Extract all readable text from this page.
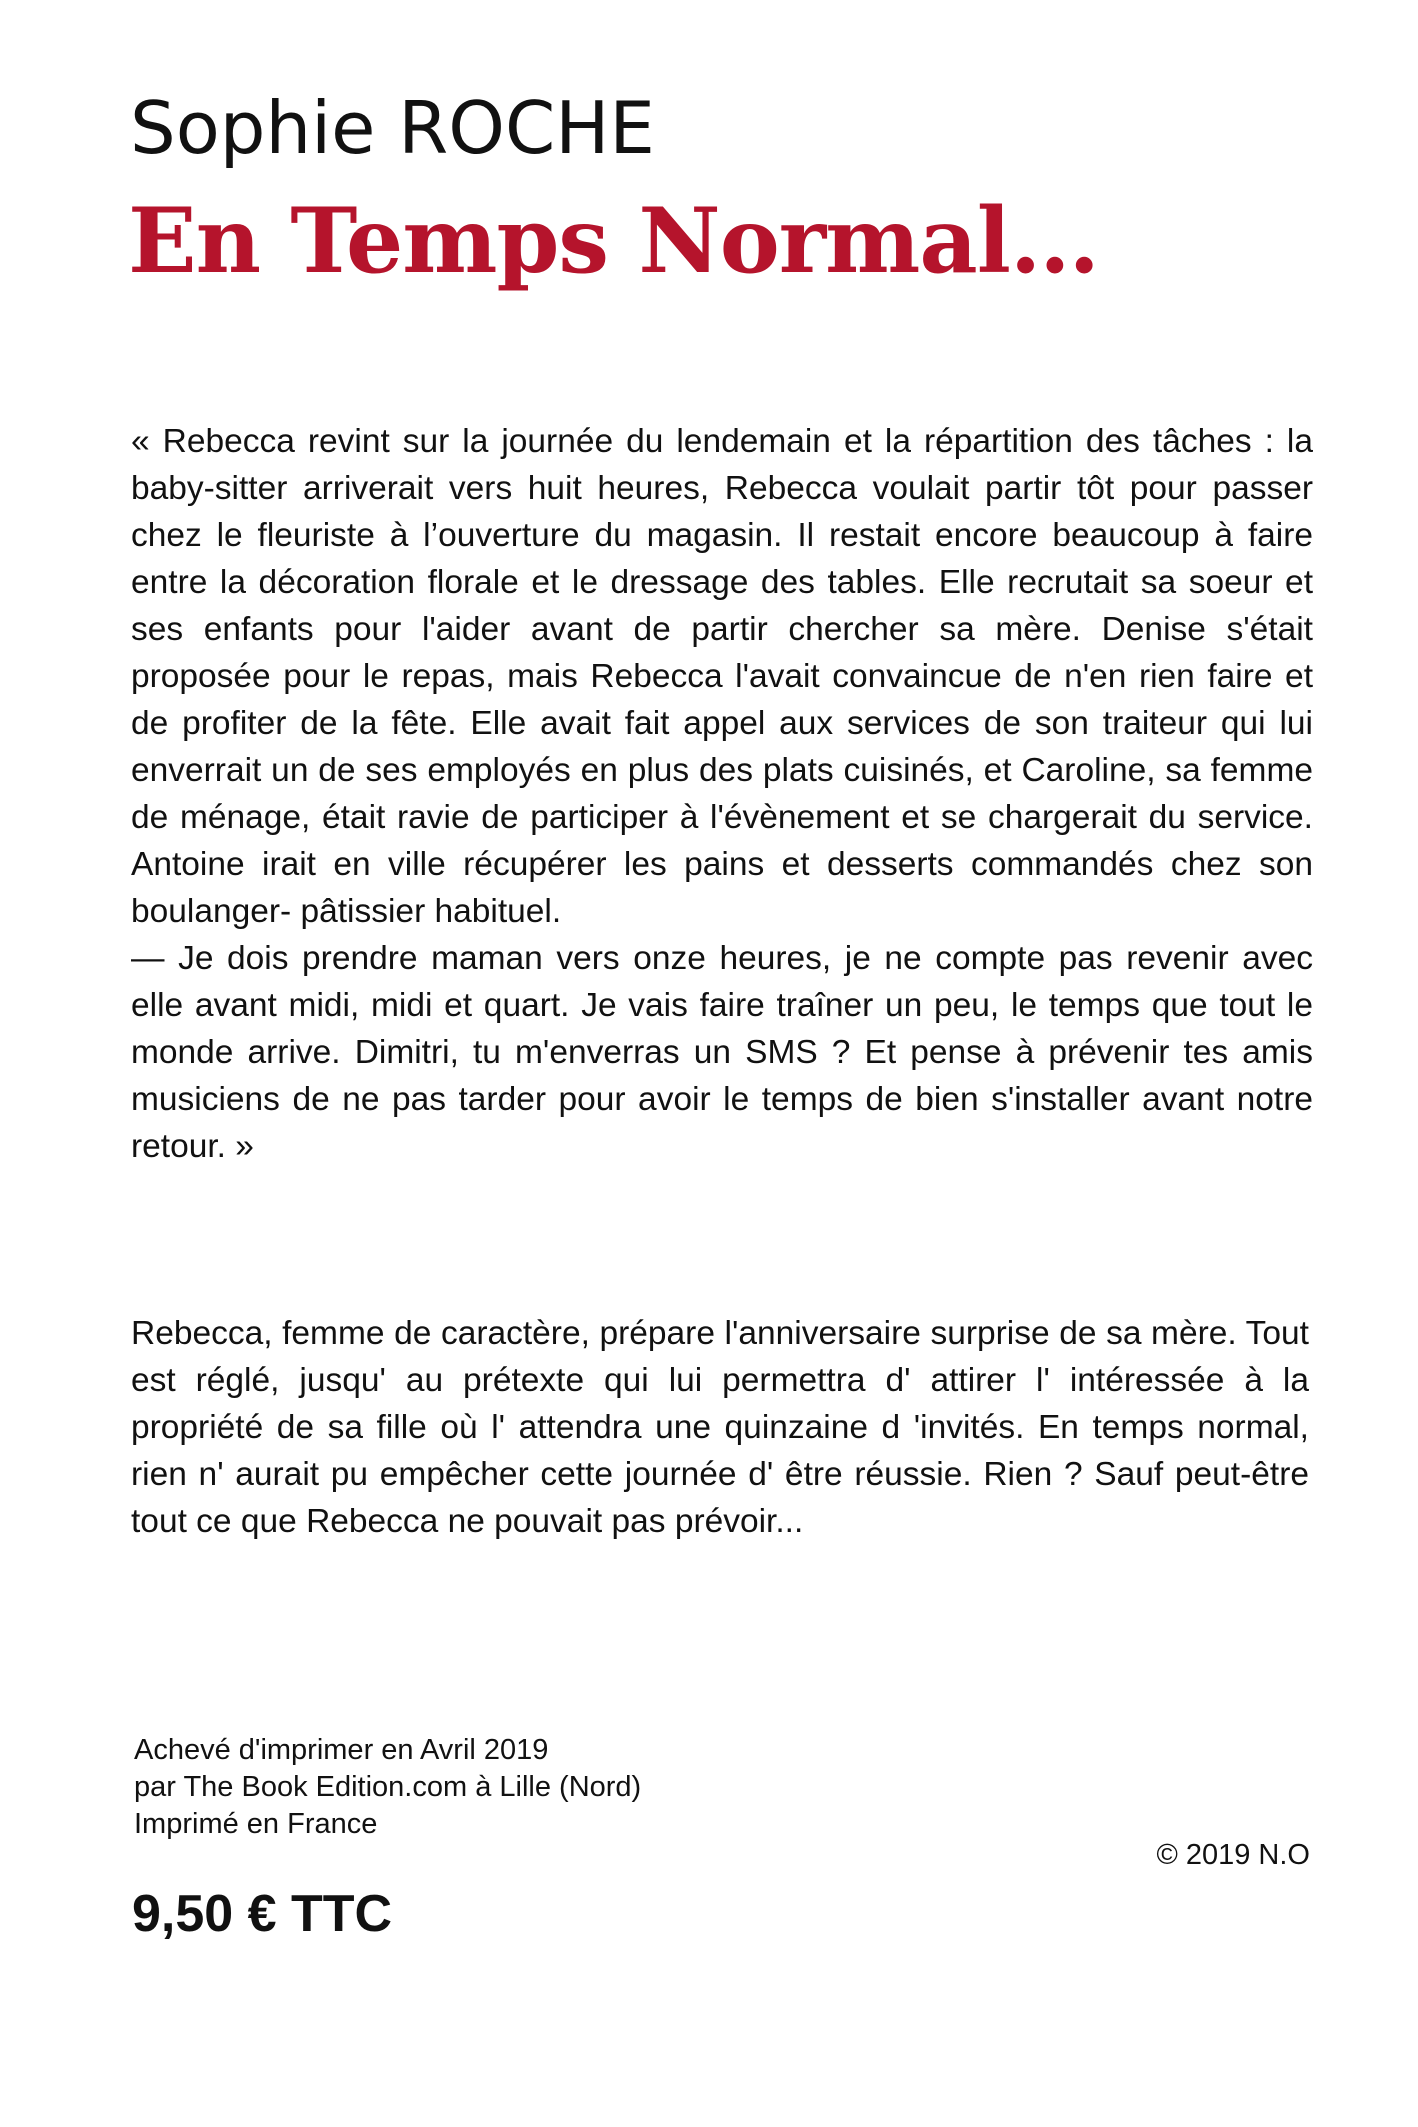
Sophie ROCHE
En Temps Normal…

« Rebecca revint sur la journée du lendemain et la répartition des tâches : la baby-sitter arriverait vers huit heures, Rebecca voulait partir tôt pour passer chez le fleuriste à l’ouverture du magasin. Il restait encore beaucoup à faire entre la décoration florale et le dressage des tables. Elle recrutait sa soeur et ses enfants pour l'aider avant de partir chercher sa mère. Denise s'était proposée pour le repas, mais Rebecca l'avait convaincue de n'en rien faire et de profiter de la fête. Elle avait fait appel aux services de son traiteur qui lui enverrait un de ses employés en plus des plats cuisinés, et Caroline, sa femme de ménage, était ravie de participer à l'évènement et se chargerait du service. Antoine irait en ville récupérer les pains et desserts commandés chez son boulanger- pâtissier habituel.

— Je dois prendre maman vers onze heures, je ne compte pas revenir avec elle avant midi, midi et quart. Je vais faire traîner un peu, le temps que tout le monde arrive. Dimitri, tu m'enverras un SMS ? Et pense à prévenir tes amis musiciens de ne pas tarder pour avoir le temps de bien s'installer avant notre retour. »

Rebecca, femme de caractère, prépare l'anniversaire surprise de sa mère. Tout est réglé, jusqu' au prétexte qui lui permettra d' attirer l' intéressée à la propriété de sa fille où l' attendra une quinzaine d 'invités. En temps normal, rien n' aurait pu empêcher cette journée d' être réussie. Rien ? Sauf peut-être tout ce que Rebecca ne pouvait pas prévoir...
Achevé d'imprimer en Avril 2019
par The Book Edition.com à Lille (Nord)
Imprimé en France
© 2019 N.O
9,50 € TTC
